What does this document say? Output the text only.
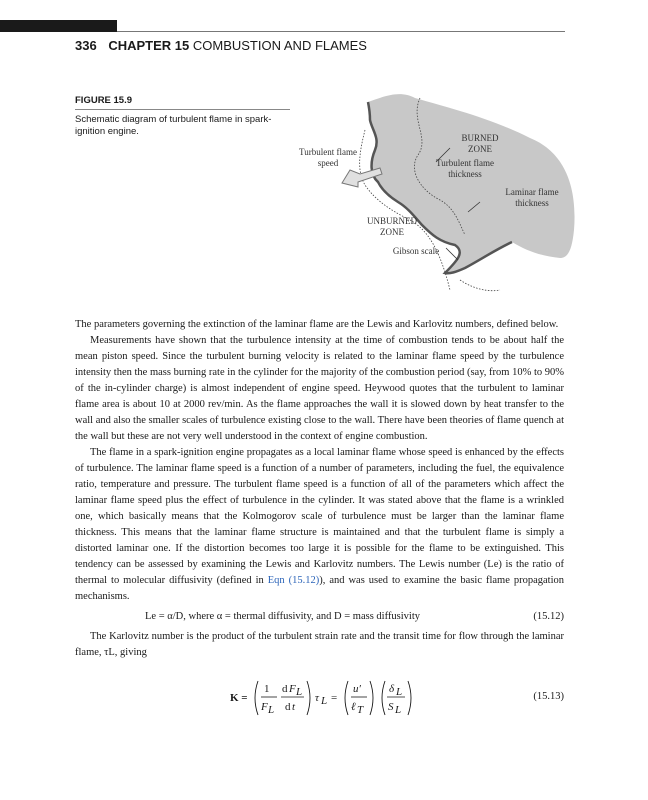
336 CHAPTER 15 COMBUSTION AND FLAMES
FIGURE 15.9
Schematic diagram of turbulent flame in spark-ignition engine.
Turbulent flame
speed
BURNED
ZONE
Turbulent flame
thickness
Laminar flame
thickness
UNBURNED
ZONE
Gibson scale

The parameters governing the extinction of the laminar flame are the Lewis and Karlovitz numbers, defined below.

Measurements have shown that the turbulence intensity at the time of combustion tends to be about half the mean piston speed. Since the turbulent burning velocity is related to the laminar flame speed by the turbulence intensity then the mass burning rate in the cylinder for the majority of the combustion period (say, from 10% to 90% of the in-cylinder charge) is almost independent of engine speed. Heywood quotes that the turbulent to laminar flame area is about 10 at 2000 rev/min. As the flame approaches the wall it is slowed down by heat transfer to the wall and also the smaller scales of turbulence existing close to the wall. There have been theories of flame quench at the wall but these are not very well understood in the context of engine combustion.

The flame in a spark-ignition engine propagates as a local laminar flame whose speed is enhanced by the effects of turbulence. The laminar flame speed is a function of a number of parameters, including the fuel, the equivalence ratio, temperature and pressure. The turbulent flame speed is a function of all of the parameters which affect the laminar flame speed plus the effect of turbulence in the cylinder. It was stated above that the flame is a wrinkled one, which basically means that the Kolmogorov scale of turbulence must be larger than the laminar flame thickness. This means that the laminar flame structure is maintained and that the turbulent flame is simply a distorted laminar one. If the distortion becomes too large it is possible for the flame to be extinguished. This tendency can be assessed by examining the Lewis and Karlovitz numbers. The Lewis number (Le) is the ratio of thermal to molecular diffusivity (defined in Eqn (15.12)), and was used to examine the basic flame propagation mechanisms.

Le = α/D, where α = thermal diffusivity, and D = mass diffusivity	(15.12)

The Karlovitz number is the product of the turbulent strain rate and the transit time for flow through the laminar flame, τL, giving

K =
1
F L
d F L
d t
τ L =
u′
ℓ T
δ L
S L
(15.13)
